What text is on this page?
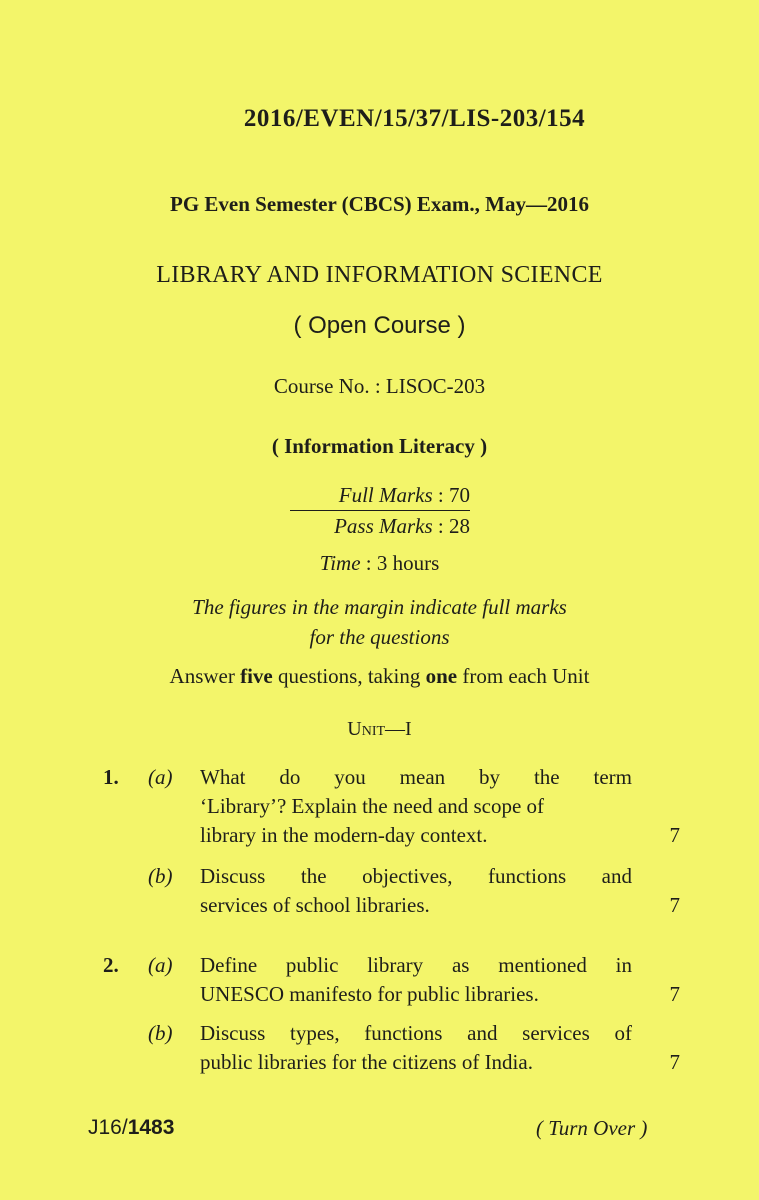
2016/EVEN/15/37/LIS-203/154
PG Even Semester (CBCS) Exam., May—2016
LIBRARY AND INFORMATION SCIENCE
( Open Course )
Course No. : LISOC-203
( Information Literacy )
Full Marks : 70
Pass Marks : 28
Time : 3 hours
The figures in the margin indicate full marks
for the questions
Answer five questions, taking one from each Unit
Unit—I
1. (a) What do you mean by the term
‘Library’? Explain the need and scope of
library in the modern-day context.	7
(b) Discuss the objectives, functions and
services of school libraries.	7
2. (a) Define public library as mentioned in
UNESCO manifesto for public libraries.	7
(b) Discuss types, functions and services of
public libraries for the citizens of India.	7
J16/1483	( Turn Over )
